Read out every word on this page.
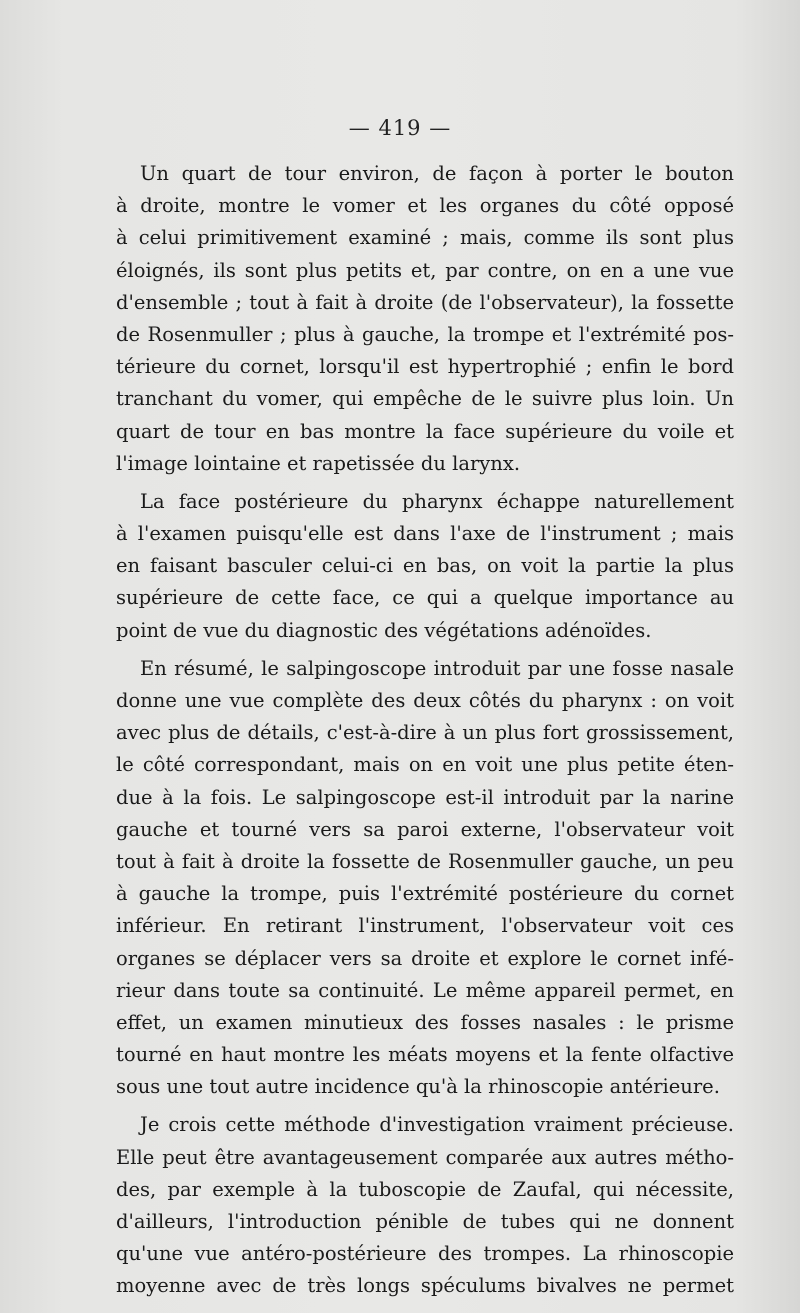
— 419 —
Un quart de tour environ, de façon à porter le bouton
à droite, montre le vomer et les organes du côté opposé
à celui primitivement examiné ; mais, comme ils sont plus
éloignés, ils sont plus petits et, par contre, on en a une vue
d'ensemble ; tout à fait à droite (de l'observateur), la fossette
de Rosenmuller ; plus à gauche, la trompe et l'extrémité pos-
térieure du cornet, lorsqu'il est hypertrophié ; enfin le bord
tranchant du vomer, qui empêche de le suivre plus loin. Un
quart de tour en bas montre la face supérieure du voile et
l'image lointaine et rapetissée du larynx.
La face postérieure du pharynx échappe naturellement
à l'examen puisqu'elle est dans l'axe de l'instrument ; mais
en faisant basculer celui-ci en bas, on voit la partie la plus
supérieure de cette face, ce qui a quelque importance au
point de vue du diagnostic des végétations adénoïdes.
En résumé, le salpingoscope introduit par une fosse nasale
donne une vue complète des deux côtés du pharynx : on voit
avec plus de détails, c'est-à-dire à un plus fort grossissement,
le côté correspondant, mais on en voit une plus petite éten-
due à la fois. Le salpingoscope est-il introduit par la narine
gauche et tourné vers sa paroi externe, l'observateur voit
tout à fait à droite la fossette de Rosenmuller gauche, un peu
à gauche la trompe, puis l'extrémité postérieure du cornet
inférieur. En retirant l'instrument, l'observateur voit ces
organes se déplacer vers sa droite et explore le cornet infé-
rieur dans toute sa continuité. Le même appareil permet, en
effet, un examen minutieux des fosses nasales : le prisme
tourné en haut montre les méats moyens et la fente olfactive
sous une tout autre incidence qu'à la rhinoscopie antérieure.
Je crois cette méthode d'investigation vraiment précieuse.
Elle peut être avantageusement comparée aux autres métho-
des, par exemple à la tuboscopie de Zaufal, qui nécessite,
d'ailleurs, l'introduction pénible de tubes qui ne donnent
qu'une vue antéro-postérieure des trompes. La rhinoscopie
moyenne avec de très longs spéculums bivalves ne permet
